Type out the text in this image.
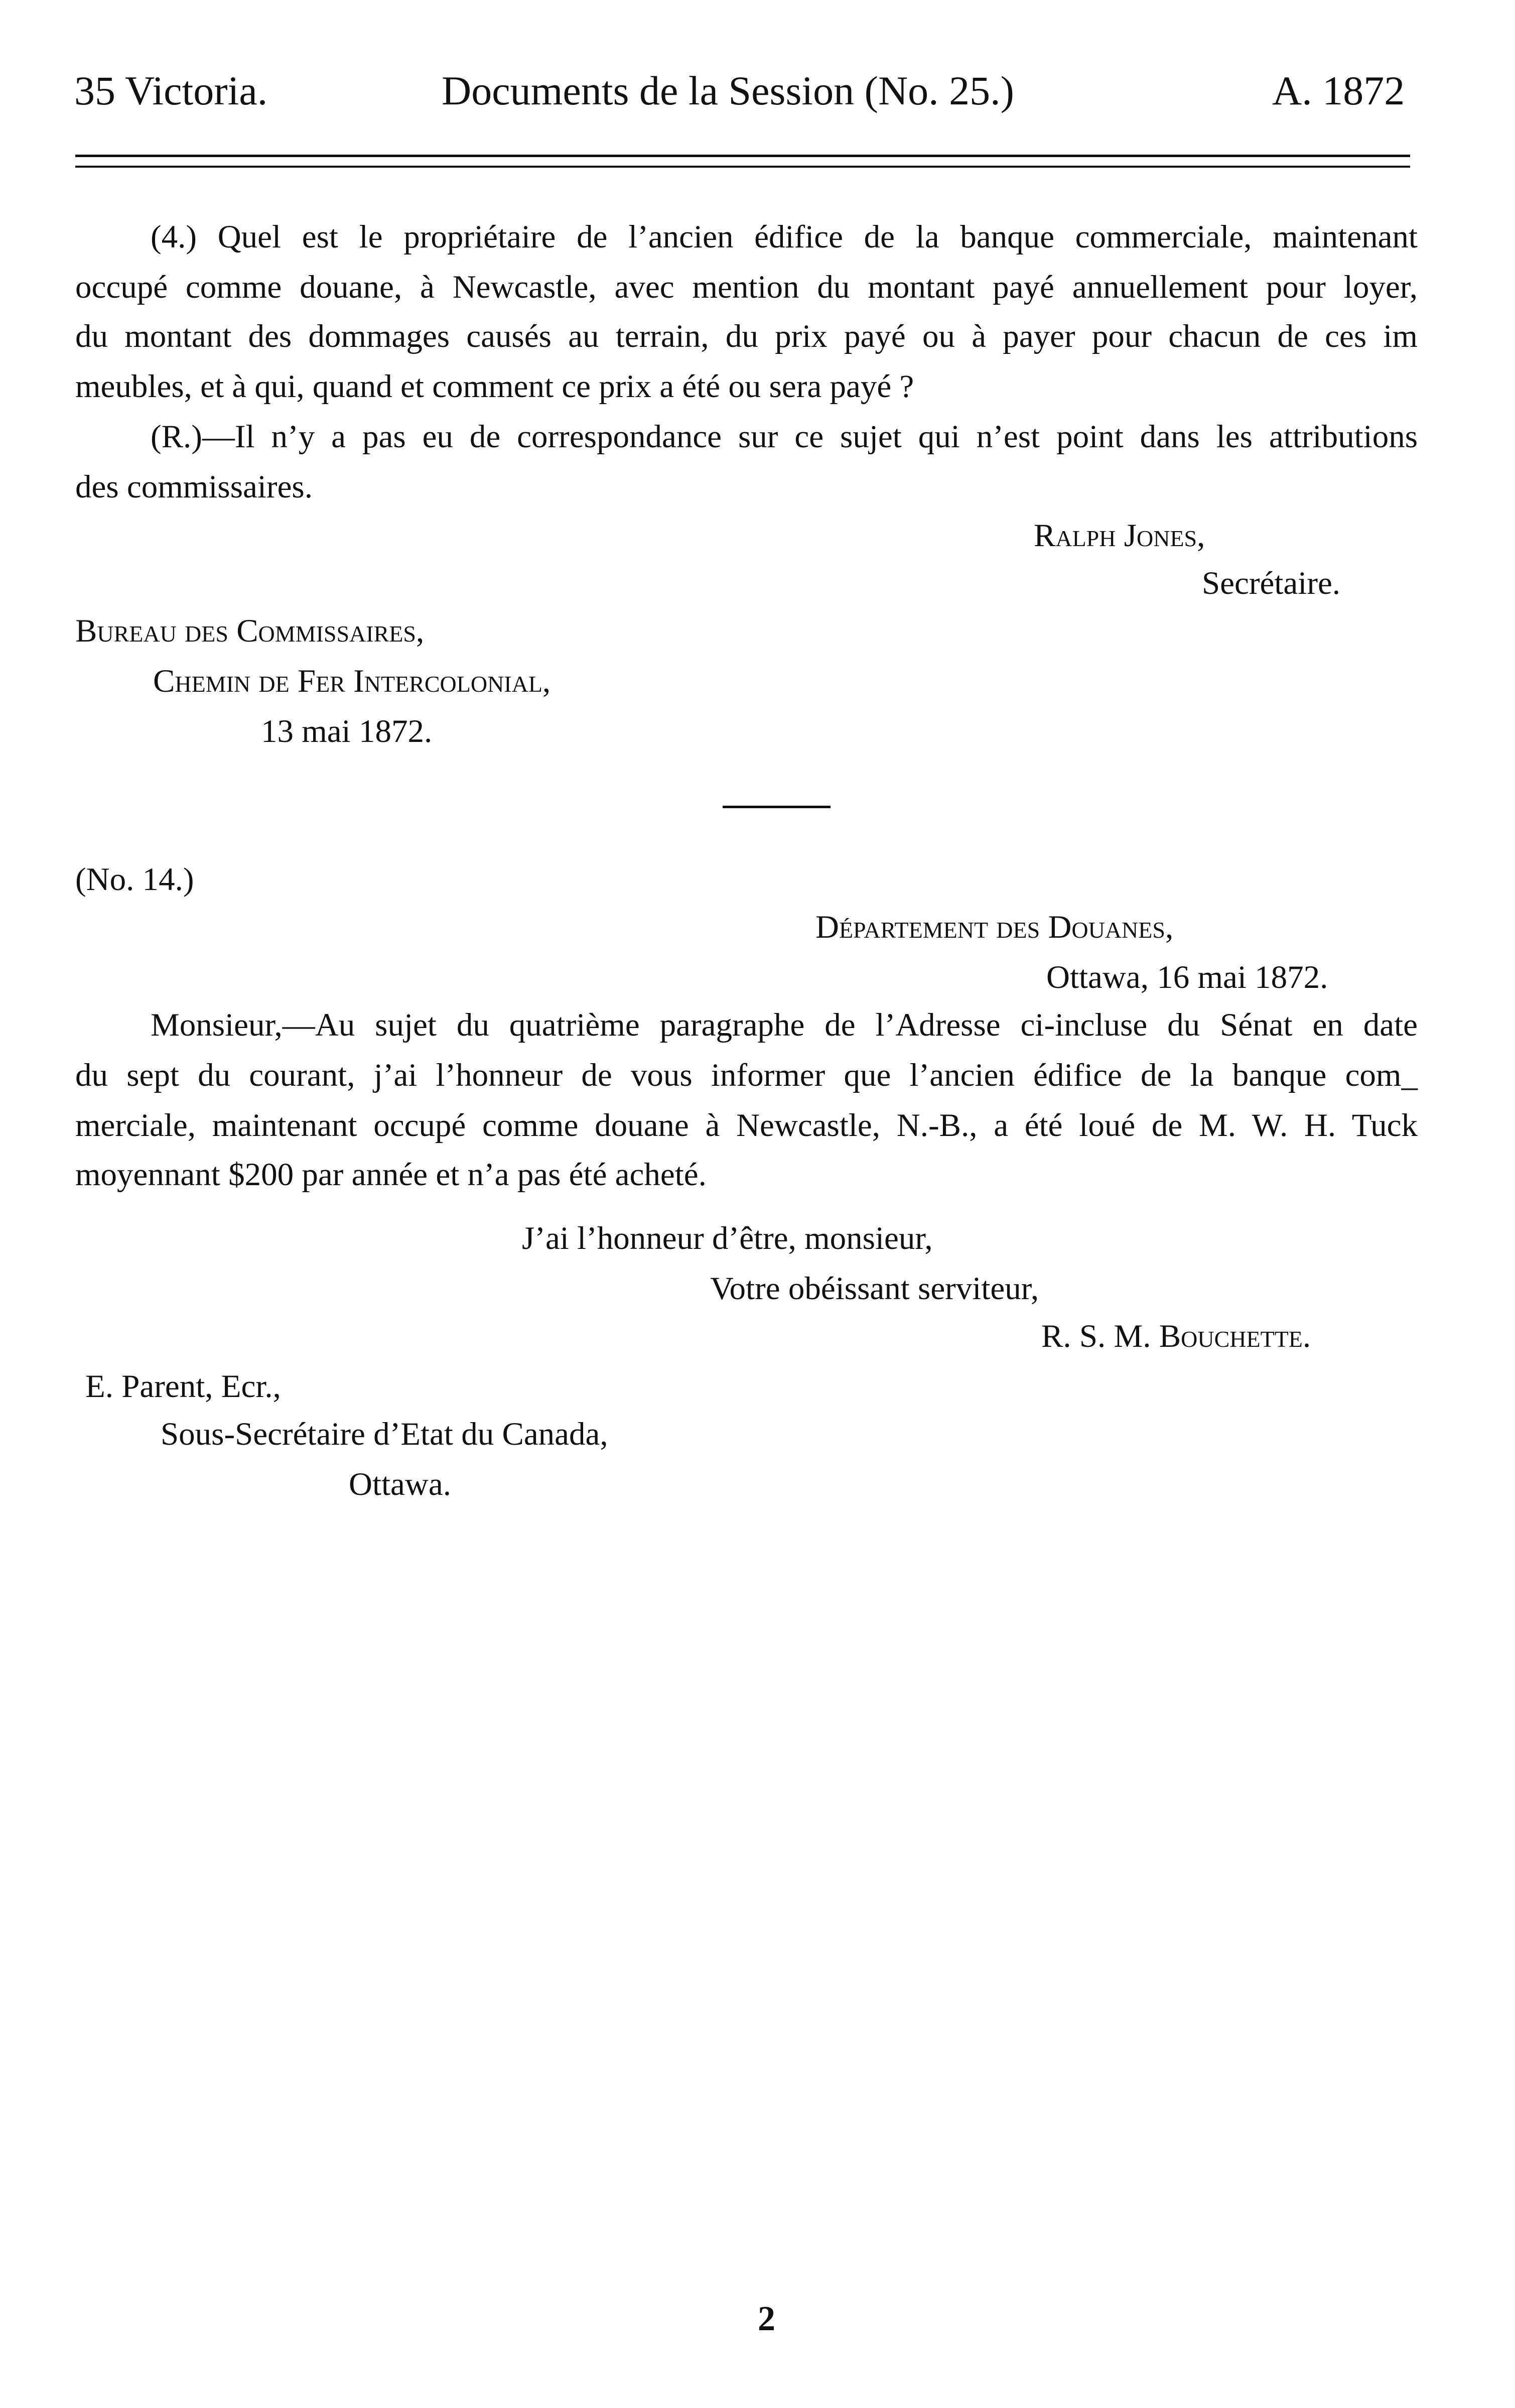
35 Victoria.	Documents de la Session (No. 25.)	A. 1872
(4.) Quel est le propriétaire de l’ancien édifice de la banque commerciale, maintenant
occupé comme douane, à Newcastle, avec mention du montant payé annuellement pour loyer,
du montant des dommages causés au terrain, du prix payé ou à payer pour chacun de ces im
meubles, et à qui, quand et comment ce prix a été ou sera payé ?
(R.)—Il n’y a pas eu de correspondance sur ce sujet qui n’est point dans les attributions
des commissaires.
Ralph Jones,
Secrétaire.
Bureau des Commissaires,
Chemin de Fer Intercolonial,
13 mai 1872.
(No. 14.)
Département des Douanes,
Ottawa, 16 mai 1872.
Monsieur,—Au sujet du quatrième paragraphe de l’Adresse ci-incluse du Sénat en date
du sept du courant, j’ai l’honneur de vous informer que l’ancien édifice de la banque com_
merciale, maintenant occupé comme douane à Newcastle, N.-B., a été loué de M. W. H. Tuck
moyennant $200 par année et n’a pas été acheté.
J’ai l’honneur d’être, monsieur,
Votre obéissant serviteur,
R. S. M. Bouchette.
E. Parent, Ecr.,
Sous-Secrétaire d’Etat du Canada,
Ottawa.
2
